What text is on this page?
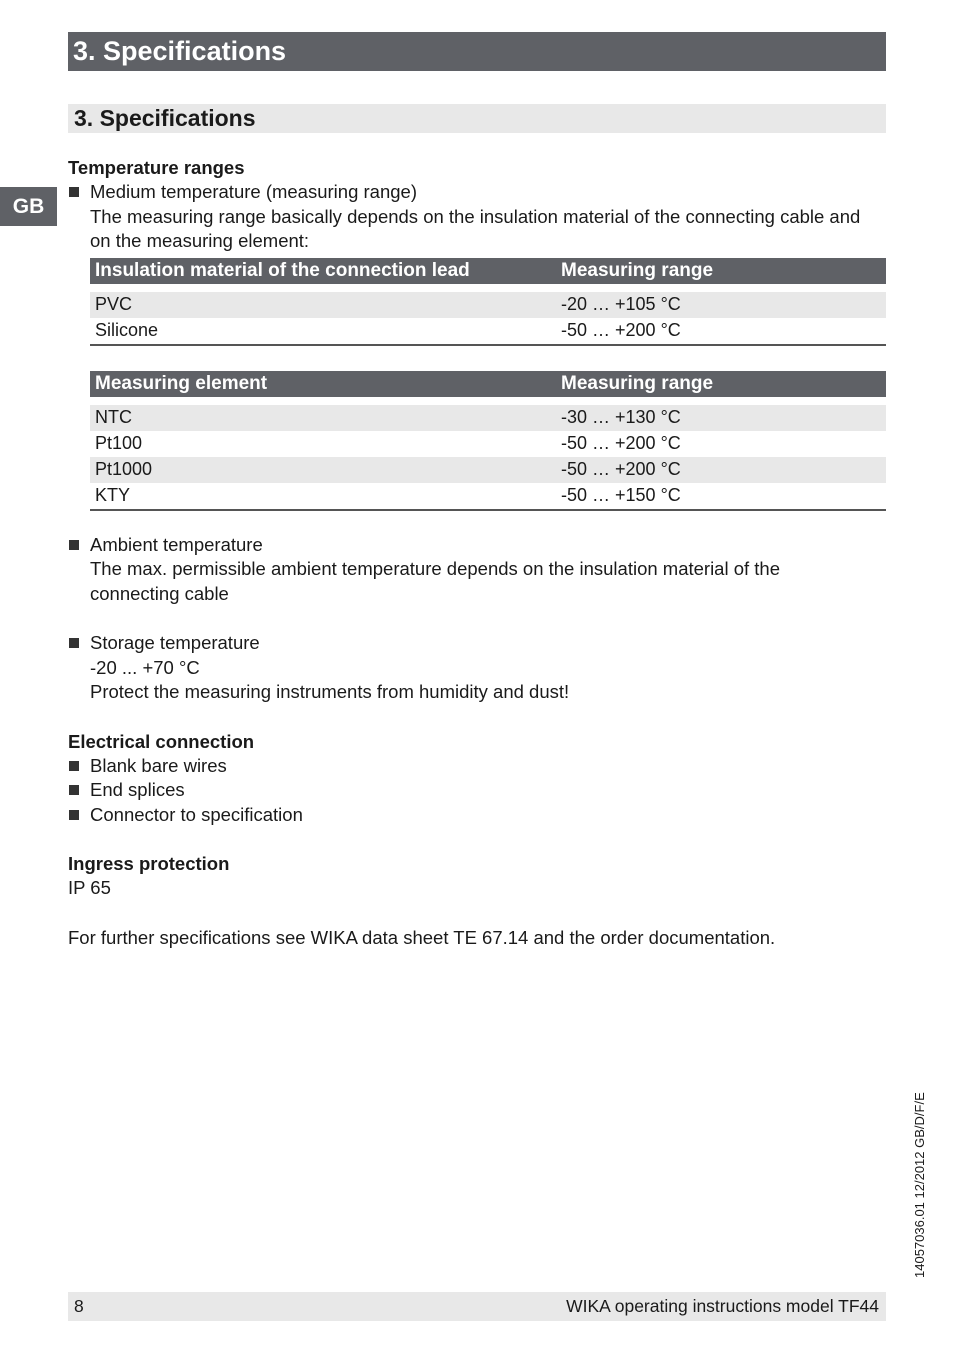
3. Specifications
3. Specifications
GB
Temperature ranges
Medium temperature (measuring range)
The measuring range basically depends on the insulation material of the connecting cable and
on the measuring element:
Insulation material of the connection lead	Measuring range

PVC	-20 … +105 °C
Silicone	-50 … +200 °C
Measuring element	Measuring range

NTC	-30 … +130 °C
Pt100	-50 … +200 °C
Pt1000	-50 … +200 °C
KTY	-50 … +150 °C
Ambient temperature
The max. permissible ambient temperature depends on the insulation material of the
connecting cable
Storage temperature
-20 ... +70 °C
Protect the measuring instruments from humidity and dust!
Electrical connection
Blank bare wires
End splices
Connector to specification
Ingress protection
IP 65
For further specifications see WIKA data sheet TE 67.14 and the order documentation.
14057036.01 12/2012 GB/D/F/E
8	WIKA operating instructions model TF44
